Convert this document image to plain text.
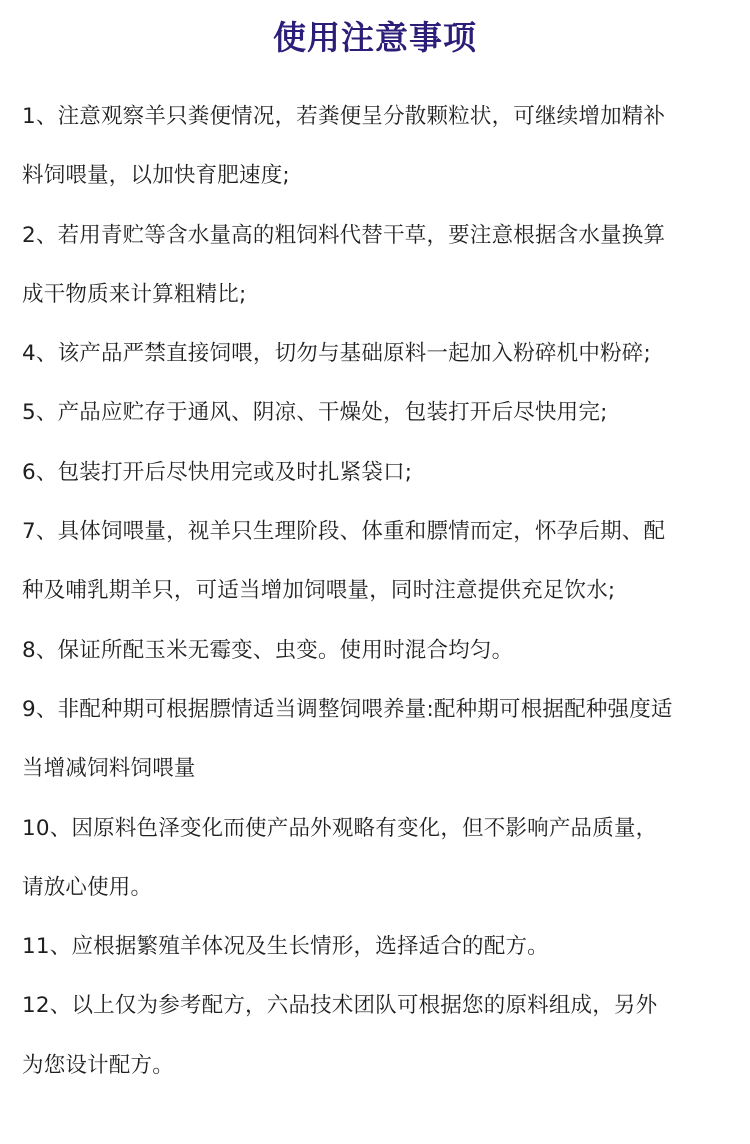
使用注意事项
1、注意观察羊只粪便情况，若粪便呈分散颗粒状，可继续增加精补
料饲喂量，以加快育肥速度;
2、若用青贮等含水量高的粗饲料代替干草，要注意根据含水量换算
成干物质来计算粗精比;
4、该产品严禁直接饲喂，切勿与基础原料一起加入粉碎机中粉碎;
5、产品应贮存于通风、阴凉、干燥处，包装打开后尽快用完;
6、包装打开后尽快用完或及时扎紧袋口;
7、具体饲喂量，视羊只生理阶段、体重和膘情而定，怀孕后期、配
种及哺乳期羊只，可适当增加饲喂量，同时注意提供充足饮水;
8、保证所配玉米无霉变、虫变。使用时混合均匀。
9、非配种期可根据膘情适当调整饲喂养量:配种期可根据配种强度适
当增减饲料饲喂量
10、因原料色泽变化而使产品外观略有变化，但不影响产品质量，
请放心使用。
11、应根据繁殖羊体况及生长情形，选择适合的配方。
12、以上仅为参考配方，六品技术团队可根据您的原料组成，另外
为您设计配方。
